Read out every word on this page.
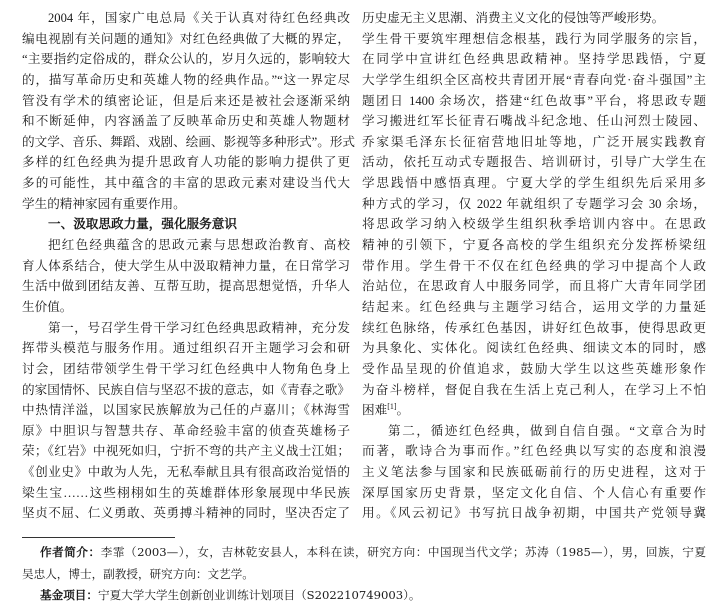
2004 年，国家广电总局《关于认真对待红色经典改
编电视剧有关问题的通知》对红色经典做了大概的界定，
“主要指约定俗成的，群众公认的，岁月久远的，影响较大
的，描写革命历史和英雄人物的经典作品。”“这一界定尽
管没有学术的缜密论证，但是后来还是被社会逐渐采纳
和不断延伸，内容涵盖了反映革命历史和英雄人物题材
的文学、音乐、舞蹈、戏剧、绘画、影视等多种形式”。形式
多样的红色经典为提升思政育人功能的影响力提供了更
多的可能性，其中蕴含的丰富的思政元素对建设当代大
学生的精神家园有重要作用。
一、汲取思政力量，强化服务意识
把红色经典蕴含的思政元素与思想政治教育、高校
育人体系结合，使大学生从中汲取精神力量，在日常学习
生活中做到团结友善、互帮互助，提高思想觉悟，升华人
生价值。
第一，号召学生骨干学习红色经典思政精神，充分发
挥带头模范与服务作用。通过组织召开主题学习会和研
讨会，团结带领学生骨干学习红色经典中人物角色身上
的家国情怀、民族自信与坚忍不拔的意志，如《青春之歌》
中热情洋溢，以国家民族解放为己任的卢嘉川；《林海雪
原》中胆识与智慧共存、革命经验丰富的侦查英雄杨子
荣；《红岩》中视死如归，宁折不弯的共产主义战士江姐；
《创业史》中敢为人先，无私奉献且具有很高政治觉悟的
梁生宝……这些栩栩如生的英雄群体形象展现中华民族
坚贞不屈、仁义勇敢、英勇搏斗精神的同时，坚决否定了
历史虚无主义思潮、消费主义文化的侵蚀等严峻形势。
学生骨干要筑牢理想信念根基，践行为同学服务的宗旨，
在同学中宣讲红色经典思政精神。坚持学思践悟，宁夏
大学学生组织全区高校共青团开展“青春向党·奋斗强国”主
题团日 1400 余场次，搭建“红色故事”平台，将思政专题
学习搬进红军长征青石嘴战斗纪念地、任山河烈士陵园、
乔家渠毛泽东长征宿营地旧址等地，广泛开展实践教育
活动，依托互动式专题报告、培训研讨，引导广大学生在
学思践悟中感悟真理。宁夏大学的学生组织先后采用多
种方式的学习，仅 2022 年就组织了专题学习会 30 余场，
将思政学习纳入校级学生组织秋季培训内容中。在思政
精神的引领下，宁夏各高校的学生组织充分发挥桥梁纽
带作用。学生骨干不仅在红色经典的学习中提高个人政
治站位，在思政育人中服务同学，而且将广大青年同学团
结起来。红色经典与主题学习结合，运用文学的力量延
续红色脉络，传承红色基因，讲好红色故事，使得思政更
为具象化、实体化。阅读红色经典、细读文本的同时，感
受作品呈现的价值追求，鼓励大学生以这些英雄形象作
为奋斗榜样，督促自我在生活上克己利人，在学习上不怕
困难[1]。
第二，循迹红色经典，做到自信自强。“文章合为时
而著，歌诗合为事而作。”红色经典以写实的态度和浪漫
主义笔法参与国家和民族砥砺前行的历史进程，这对于
深厚国家历史背景，坚定文化自信、个人信心有重要作
用。《风云初记》书写抗日战争初期，中国共产党领导冀
作者简介：李霏（2003—），女，吉林乾安县人，本科在读，研究方向：中国现当代文学；苏涛（1985—），男，回族，宁夏
吴忠人，博士，副教授，研究方向：文艺学。
基金项目：宁夏大学大学生创新创业训练计划项目（S202210749003）。
